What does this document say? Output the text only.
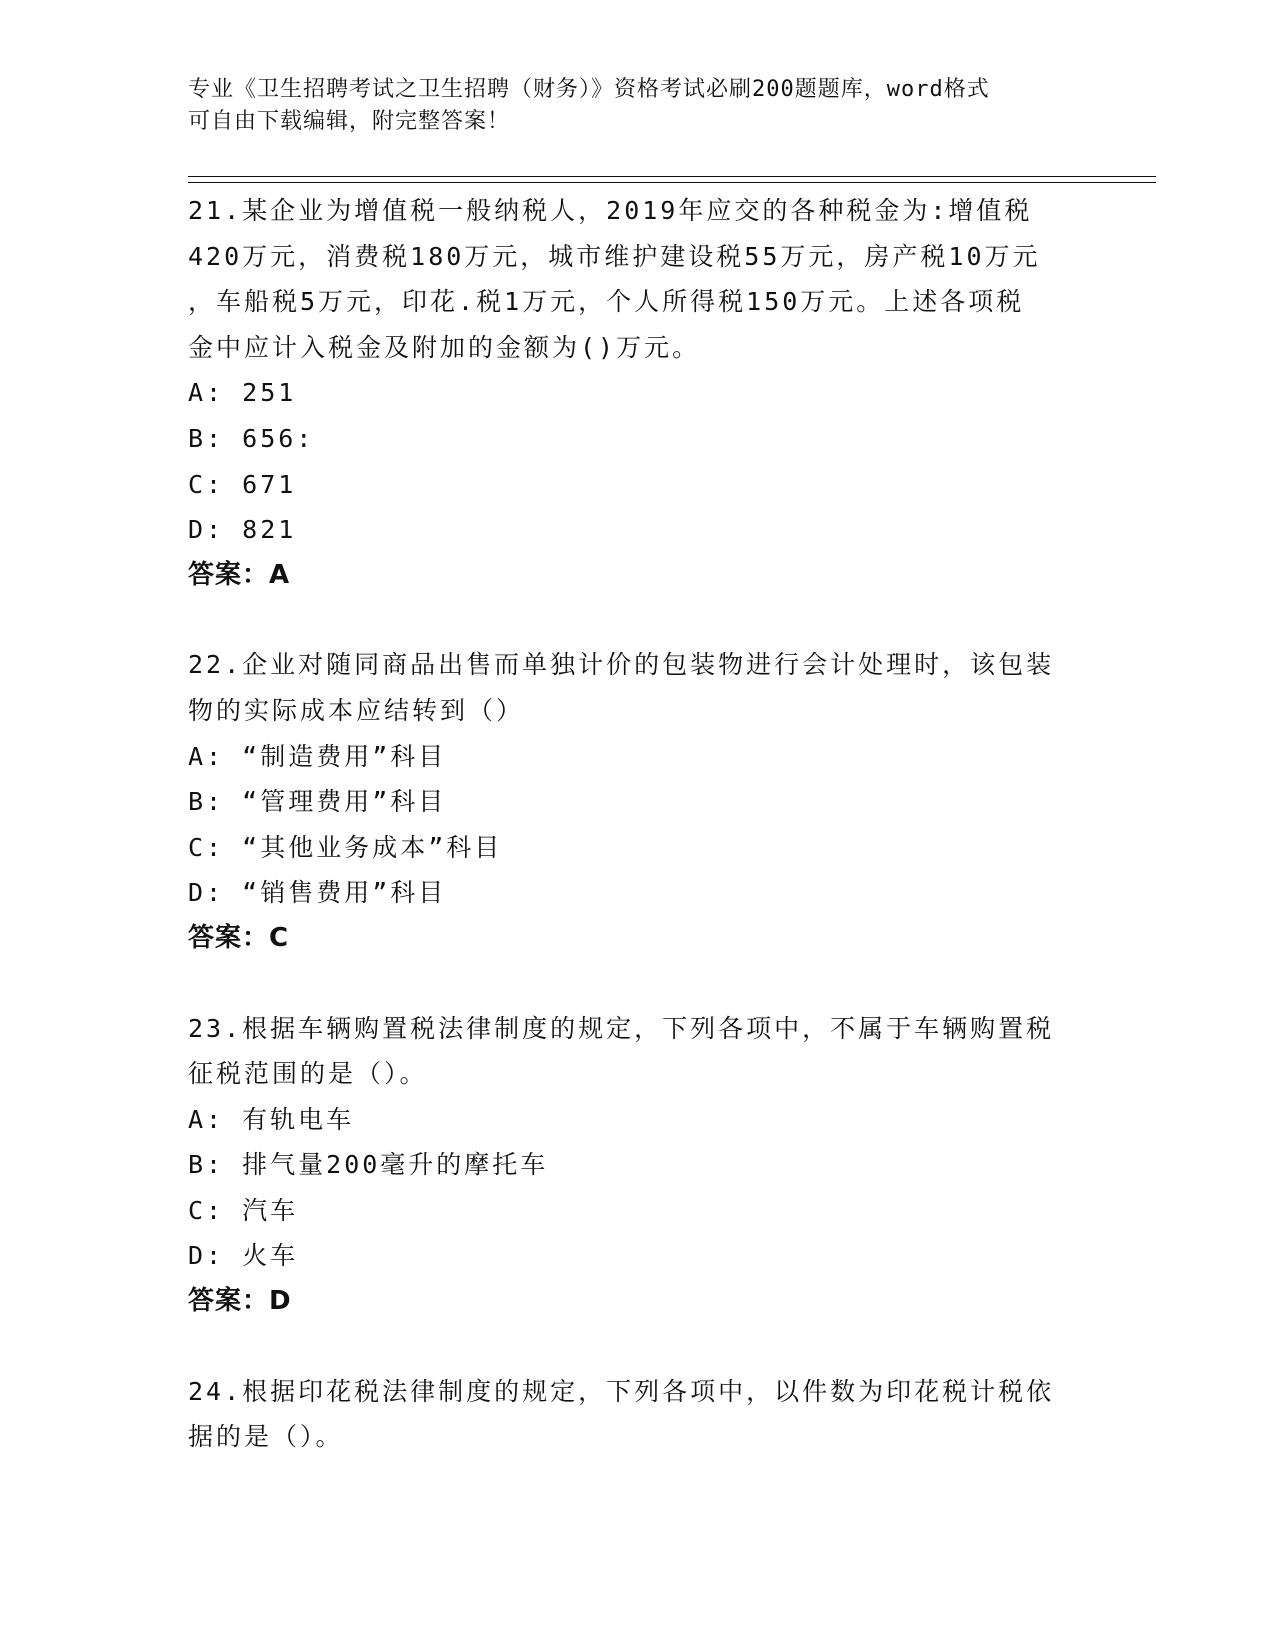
专业《卫生招聘考试之卫生招聘（财务）》资格考试必刷200题题库，word格式
可自由下载编辑，附完整答案！

21.某企业为增值税一般纳税人，2019年应交的各种税金为:增值税

420万元，消费税180万元，城市维护建设税55万元，房产税10万元

，车船税5万元，印花.税1万元，个人所得税150万元。上述各项税

金中应计入税金及附加的金额为()万元。

A: 251

B: 656:

C: 671

D: 821

答案：A

22.企业对随同商品出售而单独计价的包装物进行会计处理时，该包装

物的实际成本应结转到（）

A: “制造费用”科目

B: “管理费用”科目

C: “其他业务成本”科目

D: “销售费用”科目

答案：C

23.根据车辆购置税法律制度的规定，下列各项中，不属于车辆购置税

征税范围的是（）。

A: 有轨电车

B: 排气量200毫升的摩托车

C: 汽车

D: 火车

答案：D

24.根据印花税法律制度的规定，下列各项中，以件数为印花税计税依

据的是（）。
